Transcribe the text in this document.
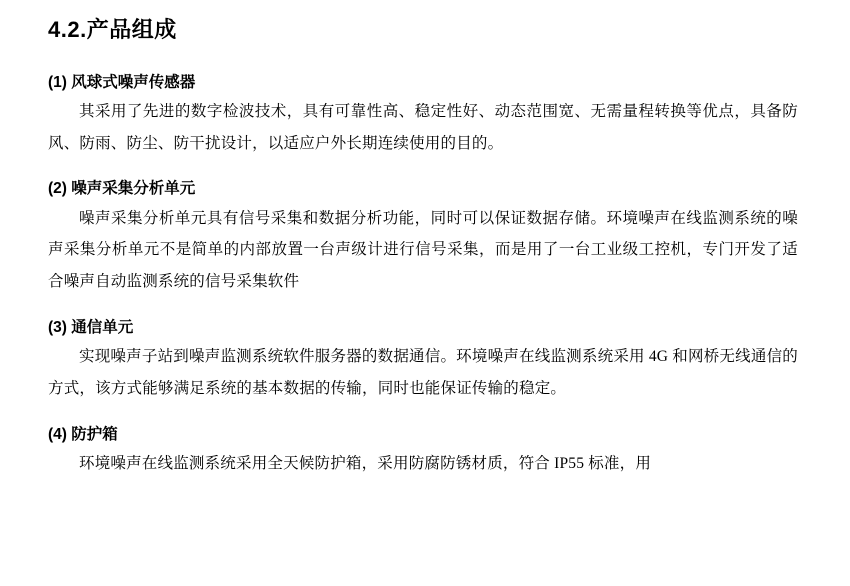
4.2.产品组成

(1) 风球式噪声传感器

其采用了先进的数字检波技术，具有可靠性高、稳定性好、动态范围宽、无需量程转换等优点，具备防风、防雨、防尘、防干扰设计，以适应户外长期连续使用的目的。

(2) 噪声采集分析单元

噪声采集分析单元具有信号采集和数据分析功能，同时可以保证数据存储。环境噪声在线监测系统的噪声采集分析单元不是简单的内部放置一台声级计进行信号采集，而是用了一台工业级工控机，专门开发了适合噪声自动监测系统的信号采集软件

(3) 通信单元

实现噪声子站到噪声监测系统软件服务器的数据通信。环境噪声在线监测系统采用 4G 和网桥无线通信的方式，该方式能够满足系统的基本数据的传输，同时也能保证传输的稳定。

(4) 防护箱

环境噪声在线监测系统采用全天候防护箱，采用防腐防锈材质，符合 IP55 标准，用
